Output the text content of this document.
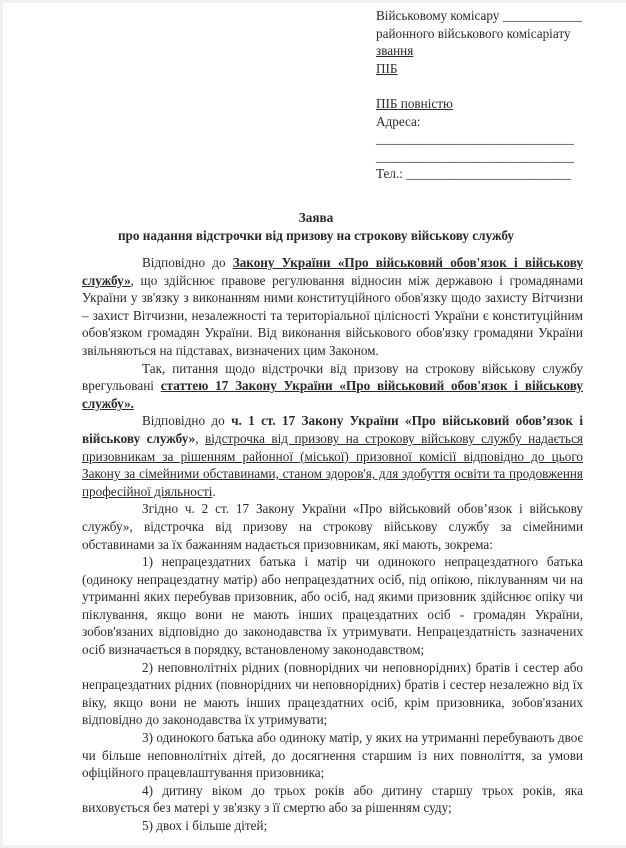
Військовому комісару ____________
районного військового комісаріату
звання
ПІБ
ПІБ повністю
Адреса:
______________________________
______________________________
Тел.: _________________________
Заява
про надання відстрочки від призову на строкову військову службу

Відповідно до Закону України «Про військовий обов'язок і військову службу», що здійснює правове регулювання відносин між державою і громадянами України у зв'язку з виконанням ними конституційного обов'язку щодо захисту Вітчизни – захист Вітчизни, незалежності та територіальної цілісності України є конституційним обов'язком громадян України. Від виконання військового обов'язку громадяни України звільняються на підставах, визначених цим Законом.

Так, питання щодо відстрочки від призову на строкову військову службу врегульовані статтею 17 Закону України «Про військовий обов'язок і військову службу».

Відповідно до ч. 1 ст. 17 Закону України «Про військовий обов’язок і військову службу», відстрочка від призову на строкову військову службу надається призовникам за рішенням районної (міської) призовної комісії відповідно до цього Закону за сімейними обставинами, станом здоров'я, для здобуття освіти та продовження професійної діяльності.

Згідно ч. 2 ст. 17 Закону України «Про військовий обов’язок і військову службу», відстрочка від призову на строкову військову службу за сімейними обставинами за їх бажанням надається призовникам, які мають, зокрема:

1) непрацездатних батька і матір чи одинокого непрацездатного батька (одиноку непрацездатну матір) або непрацездатних осіб, під опікою, піклуванням чи на утриманні яких перебував призовник, або осіб, над якими призовник здійснює опіку чи піклування, якщо вони не мають інших працездатних осіб - громадян України, зобов'язаних відповідно до законодавства їх утримувати. Непрацездатність зазначених осіб визначається в порядку, встановленому законодавством;

2) неповнолітніх рідних (повнорідних чи неповнорідних) братів і сестер або непрацездатних рідних (повнорідних чи неповнорідних) братів і сестер незалежно від їх віку, якщо вони не мають інших працездатних осіб, крім призовника, зобов'язаних відповідно до законодавства їх утримувати;

3) одинокого батька або одиноку матір, у яких на утриманні перебувають двоє чи більше неповнолітніх дітей, до досягнення старшим із них повноліття, за умови офіційного працевлаштування призовника;

4) дитину віком до трьох років або дитину старшу трьох років, яка виховується без матері у зв'язку з її смертю або за рішенням суду;

5) двох і більше дітей;
